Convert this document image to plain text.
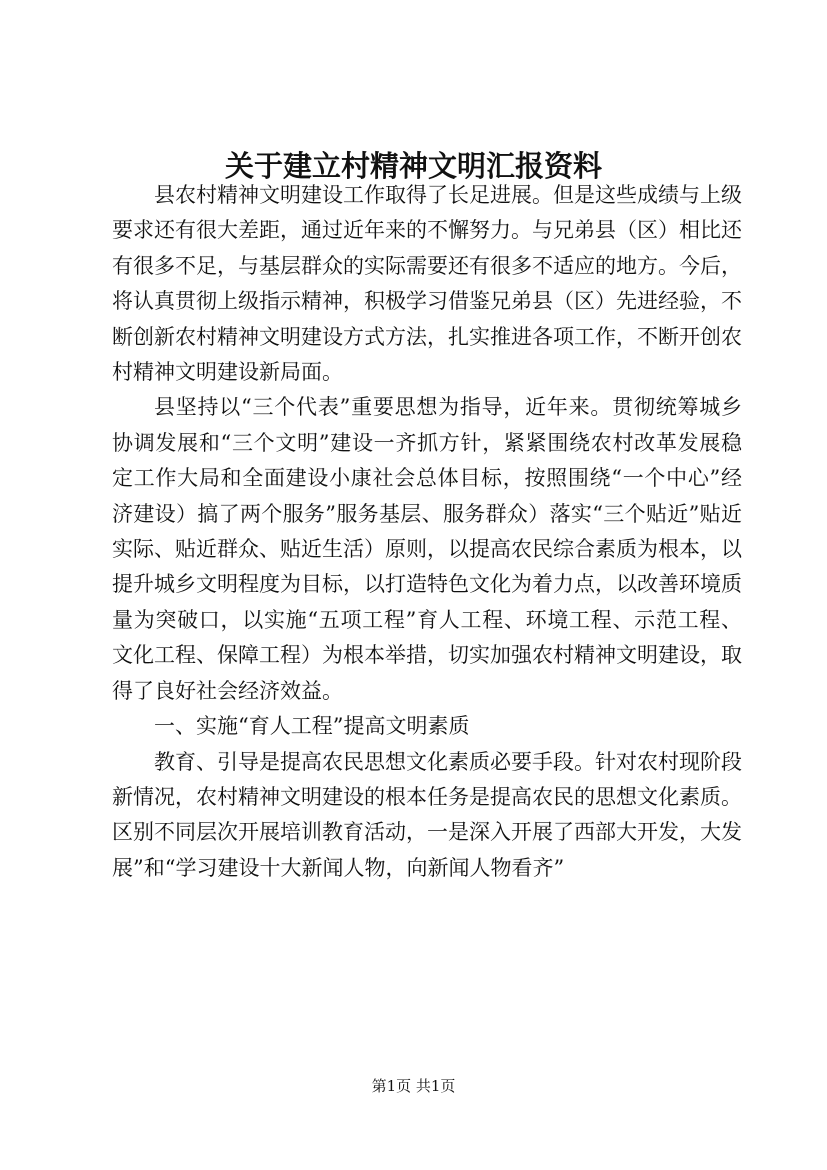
关于建立村精神文明汇报资料

县农村精神文明建设工作取得了长足进展。但是这些成绩与上级要求还有很大差距，通过近年来的不懈努力。与兄弟县（区）相比还有很多不足，与基层群众的实际需要还有很多不适应的地方。今后，将认真贯彻上级指示精神，积极学习借鉴兄弟县（区）先进经验，不断创新农村精神文明建设方式方法，扎实推进各项工作，不断开创农村精神文明建设新局面。

县坚持以“三个代表”重要思想为指导，近年来。贯彻统筹城乡协调发展和“三个文明”建设一齐抓方针，紧紧围绕农村改革发展稳定工作大局和全面建设小康社会总体目标，按照围绕“一个中心”经济建设）搞了两个服务”服务基层、服务群众）落实“三个贴近”贴近实际、贴近群众、贴近生活）原则，以提高农民综合素质为根本，以提升城乡文明程度为目标，以打造特色文化为着力点，以改善环境质量为突破口，以实施“五项工程”育人工程、环境工程、示范工程、文化工程、保障工程）为根本举措，切实加强农村精神文明建设，取得了良好社会经济效益。

一、实施“育人工程”提高文明素质

教育、引导是提高农民思想文化素质必要手段。针对农村现阶段新情况，农村精神文明建设的根本任务是提高农民的思想文化素质。区别不同层次开展培训教育活动，一是深入开展了西部大开发，大发展”和“学习建设十大新闻人物，向新闻人物看齐”

第1页 共1页
